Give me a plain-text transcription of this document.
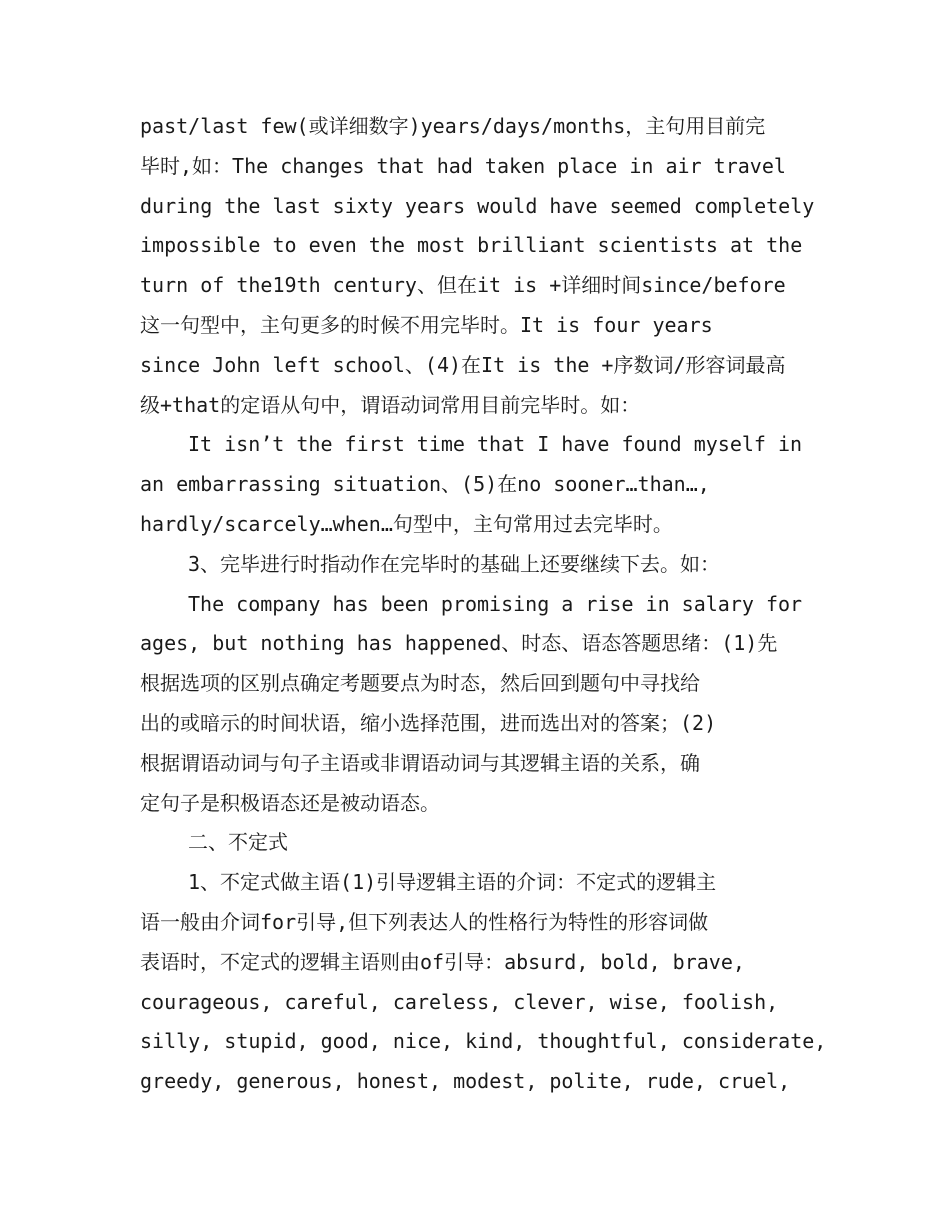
past/last few(或详细数字)years/days/months，主句用目前完
毕时,如：The changes that had taken place in air travel
during the last sixty years would have seemed completely
impossible to even the most brilliant scientists at the
turn of the19th century、但在it is +详细时间since/before
这一句型中，主句更多的时候不用完毕时。It is four years
since John left school、(4)在It is the +序数词/形容词最高
级+that的定语从句中，谓语动词常用目前完毕时。如：
It isn’t the first time that I have found myself in
an embarrassing situation、(5)在no sooner…than…,
hardly/scarcely…when…句型中，主句常用过去完毕时。
3、完毕进行时指动作在完毕时的基础上还要继续下去。如：
The company has been promising a rise in salary for
ages, but nothing has happened、时态、语态答题思绪：(1)先
根据选项的区别点确定考题要点为时态，然后回到题句中寻找给
出的或暗示的时间状语，缩小选择范围，进而选出对的答案；(2)
根据谓语动词与句子主语或非谓语动词与其逻辑主语的关系，确
定句子是积极语态还是被动语态。
二、不定式
1、不定式做主语(1)引导逻辑主语的介词：不定式的逻辑主
语一般由介词for引导,但下列表达人的性格行为特性的形容词做
表语时，不定式的逻辑主语则由of引导：absurd, bold, brave,
courageous, careful, careless, clever, wise, foolish,
silly, stupid, good, nice, kind, thoughtful, considerate,
greedy, generous, honest, modest, polite, rude, cruel,
